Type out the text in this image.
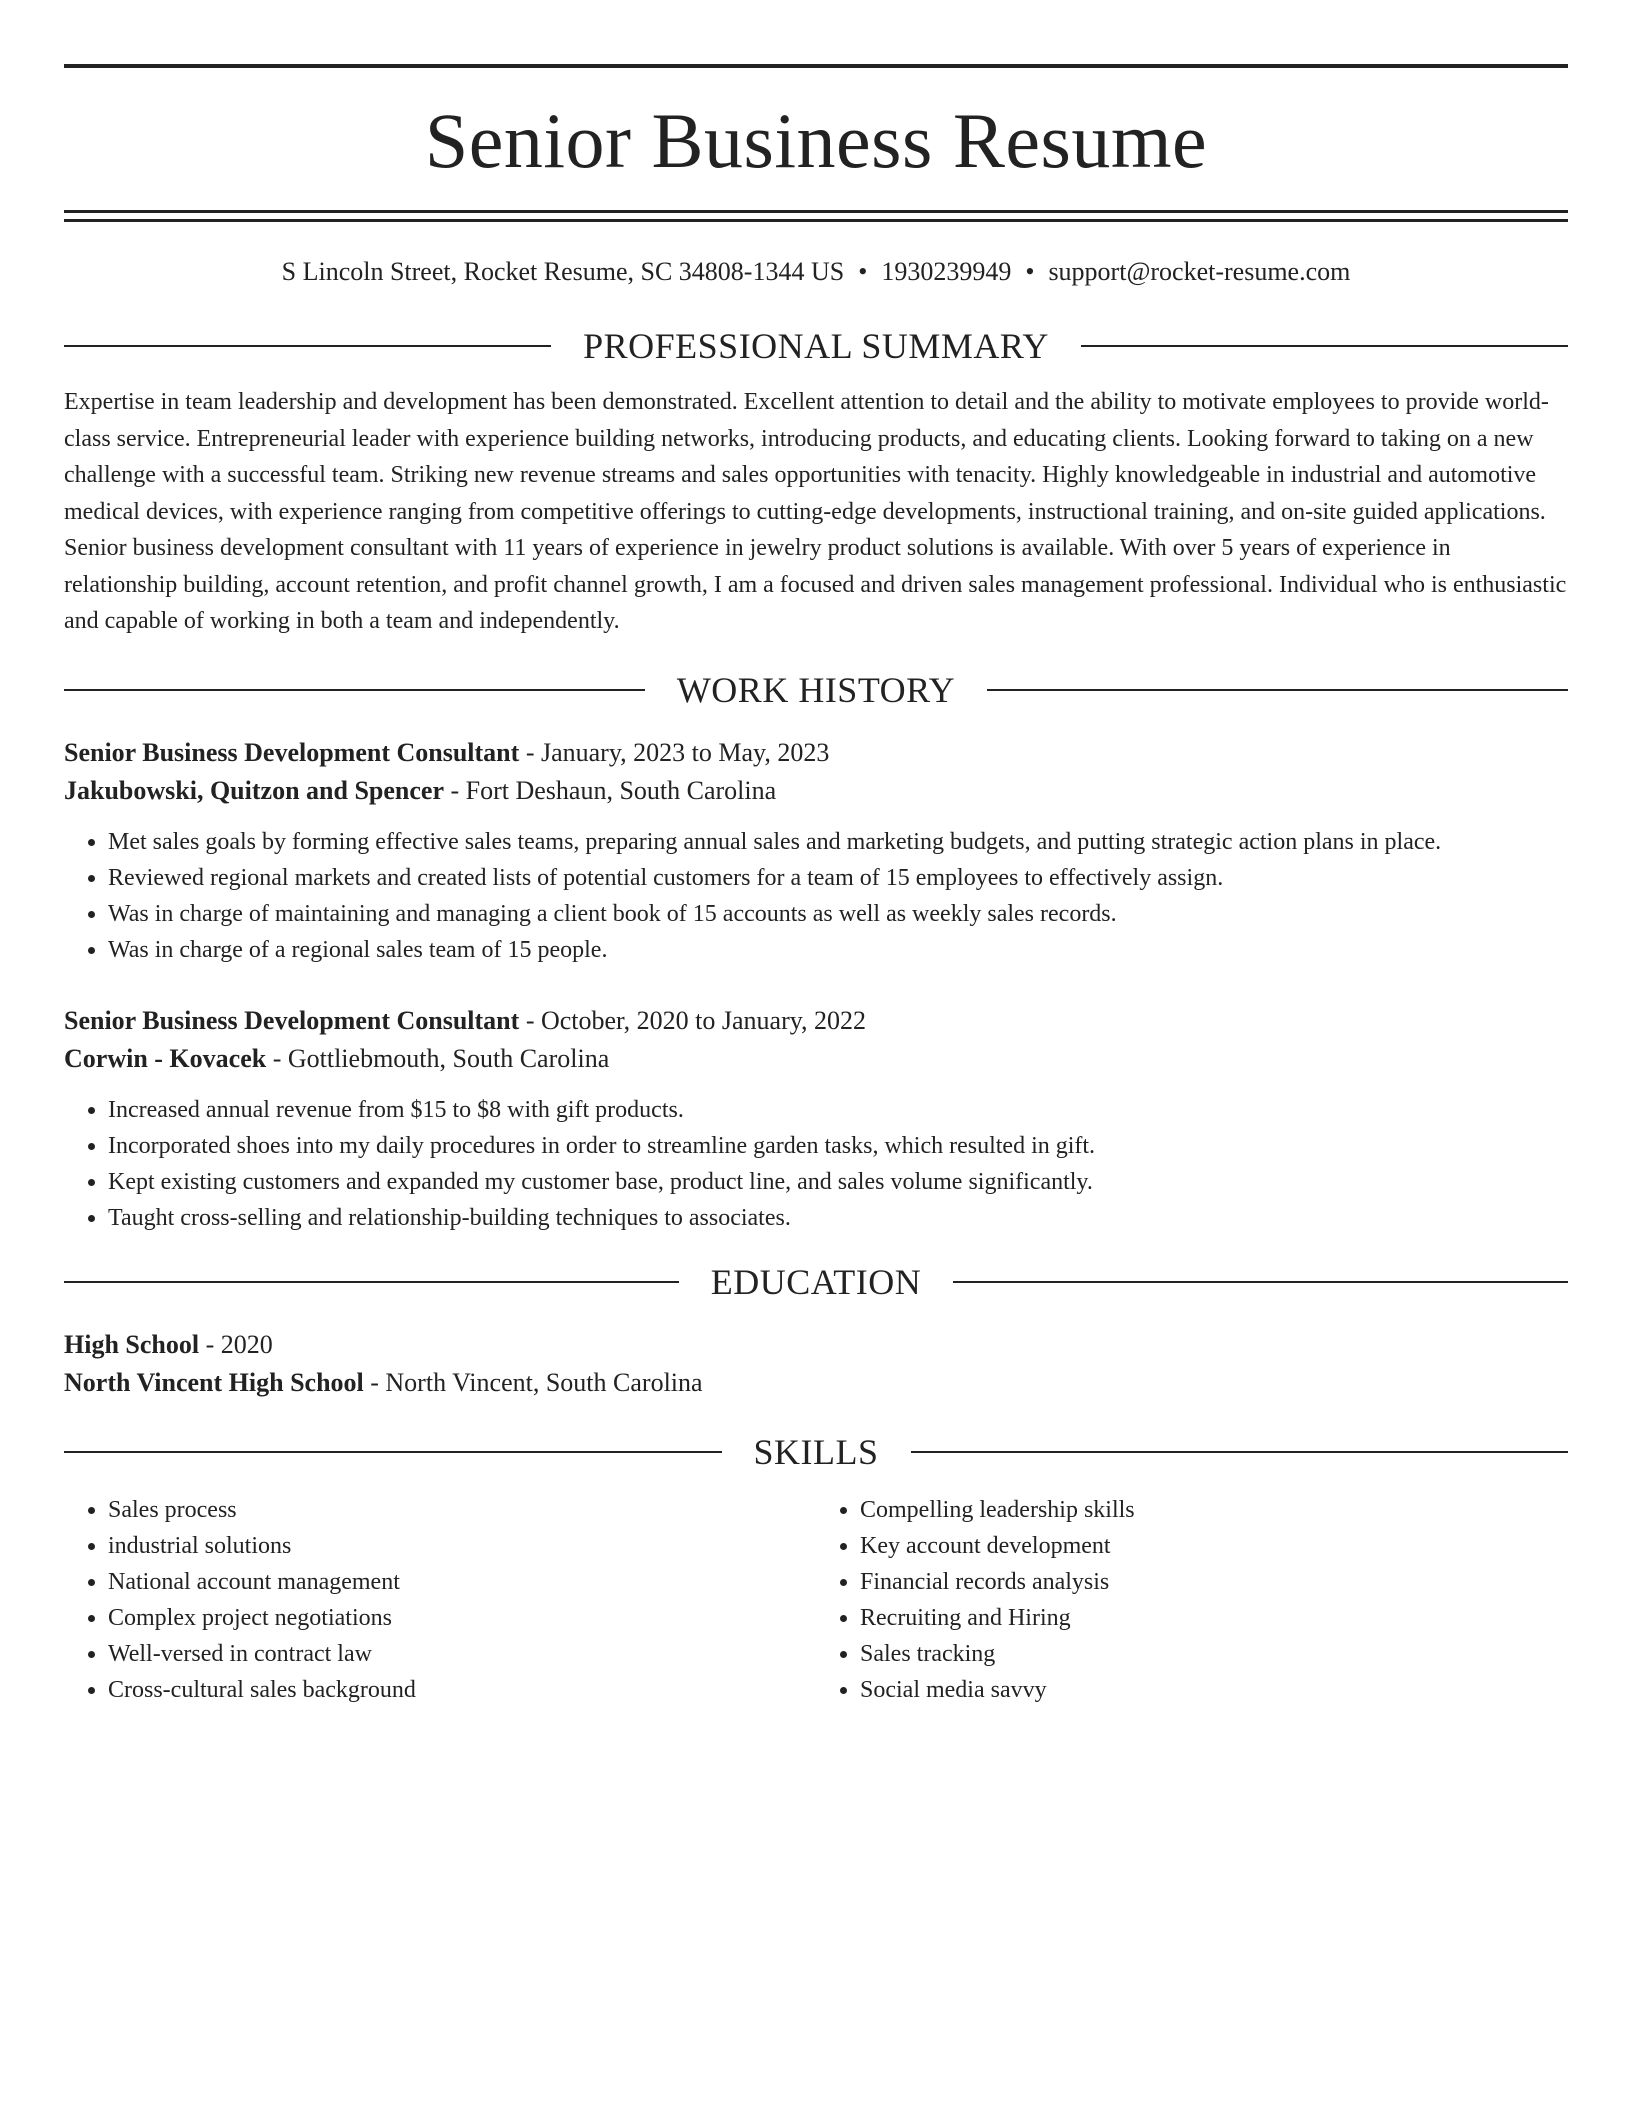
Senior Business Resume
S Lincoln Street, Rocket Resume, SC 34808-1344 US • 1930239949 • support@rocket-resume.com
PROFESSIONAL SUMMARY
Expertise in team leadership and development has been demonstrated. Excellent attention to detail and the ability to motivate employees to provide world-class service. Entrepreneurial leader with experience building networks, introducing products, and educating clients. Looking forward to taking on a new challenge with a successful team. Striking new revenue streams and sales opportunities with tenacity. Highly knowledgeable in industrial and automotive medical devices, with experience ranging from competitive offerings to cutting-edge developments, instructional training, and on-site guided applications. Senior business development consultant with 11 years of experience in jewelry product solutions is available. With over 5 years of experience in relationship building, account retention, and profit channel growth, I am a focused and driven sales management professional. Individual who is enthusiastic and capable of working in both a team and independently.
WORK HISTORY
Senior Business Development Consultant - January, 2023 to May, 2023
Jakubowski, Quitzon and Spencer - Fort Deshaun, South Carolina
• Met sales goals by forming effective sales teams, preparing annual sales and marketing budgets, and putting strategic action plans in place.
• Reviewed regional markets and created lists of potential customers for a team of 15 employees to effectively assign.
• Was in charge of maintaining and managing a client book of 15 accounts as well as weekly sales records.
• Was in charge of a regional sales team of 15 people.
Senior Business Development Consultant - October, 2020 to January, 2022
Corwin - Kovacek - Gottliebmouth, South Carolina
• Increased annual revenue from $15 to $8 with gift products.
• Incorporated shoes into my daily procedures in order to streamline garden tasks, which resulted in gift.
• Kept existing customers and expanded my customer base, product line, and sales volume significantly.
• Taught cross-selling and relationship-building techniques to associates.
EDUCATION
High School - 2020
North Vincent High School - North Vincent, South Carolina
SKILLS
• Sales process
• industrial solutions
• National account management
• Complex project negotiations
• Well-versed in contract law
• Cross-cultural sales background
• Compelling leadership skills
• Key account development
• Financial records analysis
• Recruiting and Hiring
• Sales tracking
• Social media savvy
